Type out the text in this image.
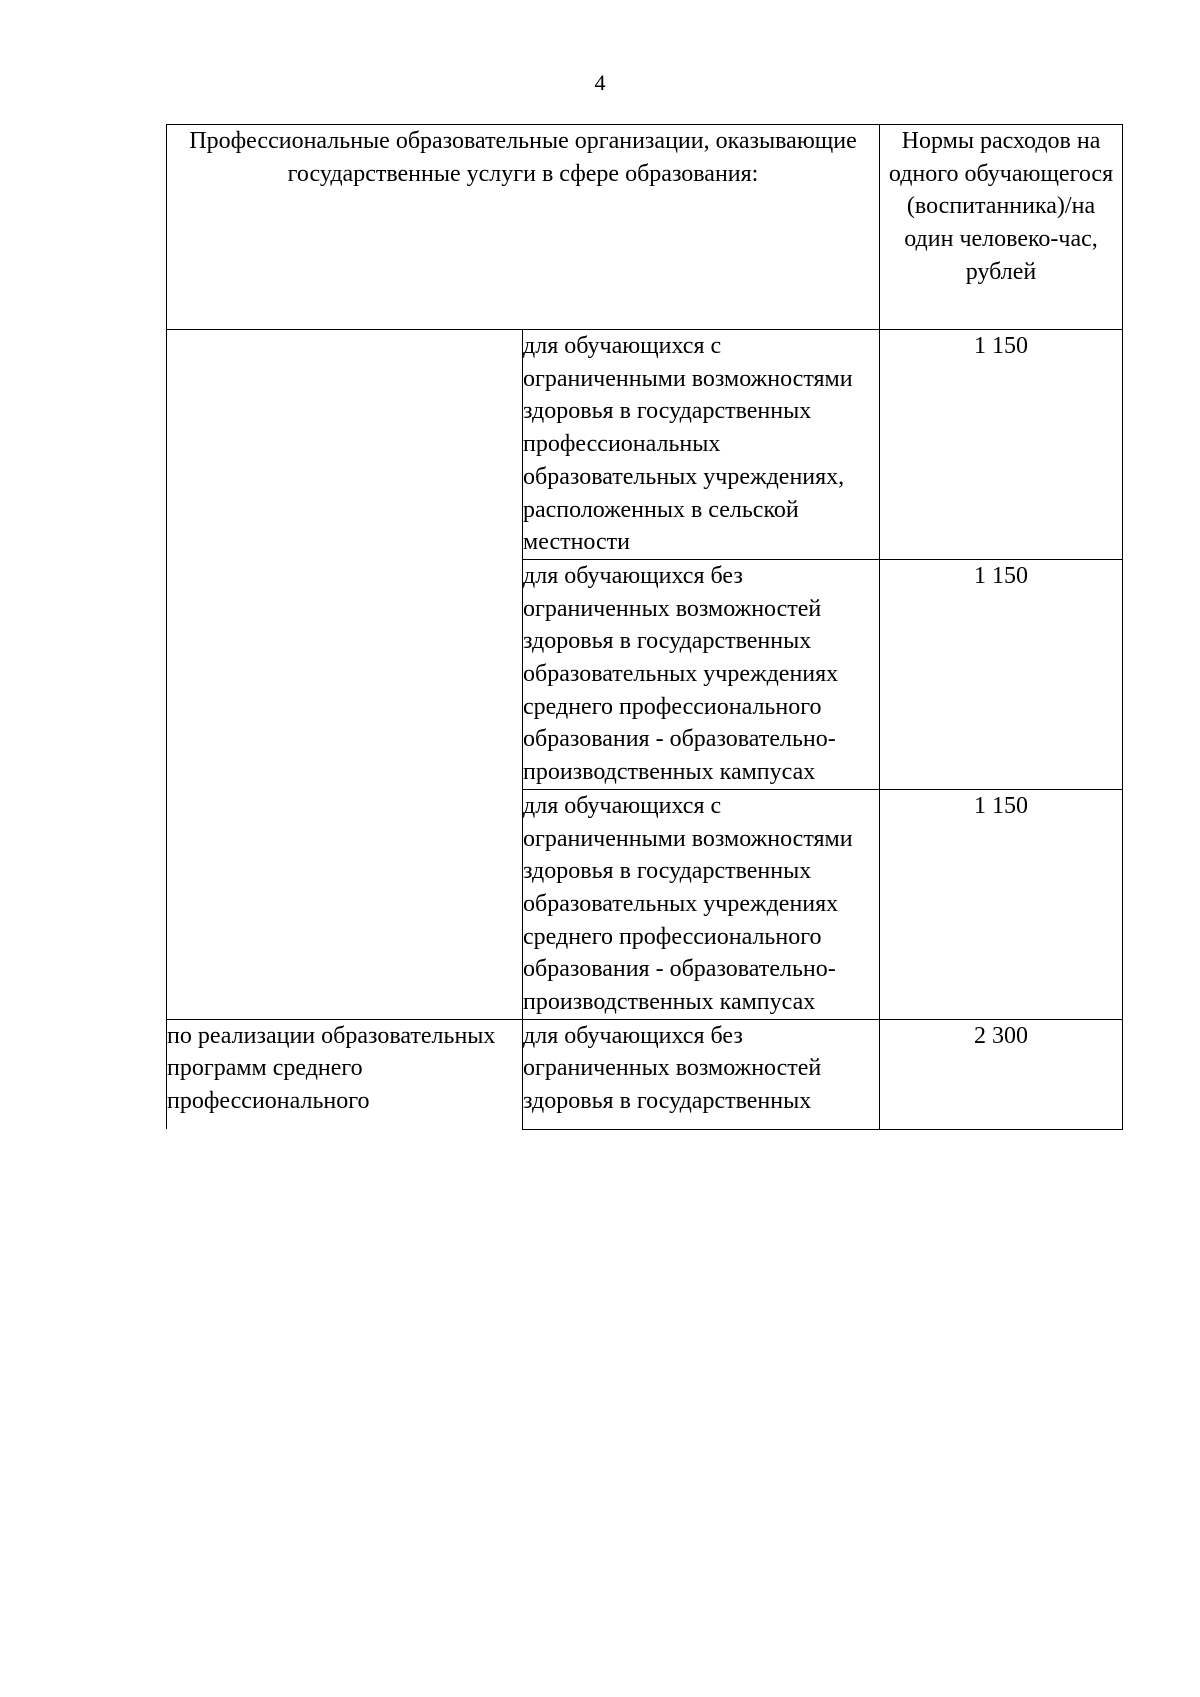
4
Профессиональные образовательные организации, оказывающие государственные услуги в сфере образования:		Нормы расходов на одного обучающегося (воспитанника)/на один человеко-час, рублей
	для обучающихся с ограниченными возможностями здоровья в государственных профессиональных образовательных учреждениях, расположенных в сельской местности	1 150
	для обучающихся без ограниченных возможностей здоровья в государственных образовательных учреждениях среднего профессионального образования - образовательно-производственных кампусах	1 150
	для обучающихся с ограниченными возможностями здоровья в государственных образовательных учреждениях среднего профессионального образования - образовательно-производственных кампусах	1 150
по реализации образовательных программ среднего профессионального	для обучающихся без ограниченных возможностей здоровья в государственных	2 300
